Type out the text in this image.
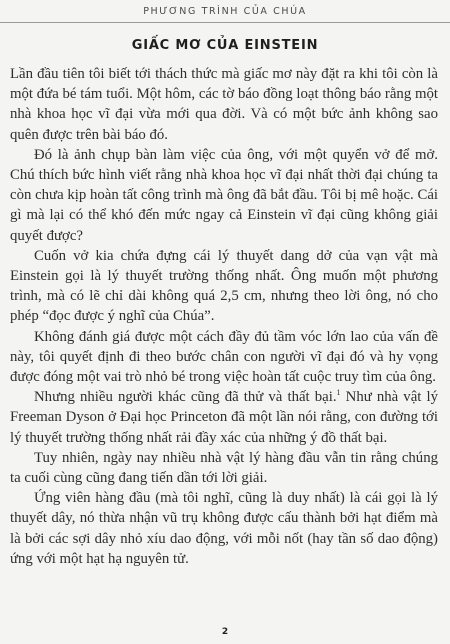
PHƯƠNG TRÌNH CỦA CHÚA
GIẤC MƠ CỦA EINSTEIN

Lần đầu tiên tôi biết tới thách thức mà giấc mơ này đặt ra khi tôi còn là một đứa bé tám tuổi. Một hôm, các tờ báo đồng loạt thông báo rằng một nhà khoa học vĩ đại vừa mới qua đời. Và có một bức ảnh không sao quên được trên bài báo đó.

Đó là ảnh chụp bàn làm việc của ông, với một quyển vở để mở. Chú thích bức hình viết rằng nhà khoa học vĩ đại nhất thời đại chúng ta còn chưa kịp hoàn tất công trình mà ông đã bắt đầu. Tôi bị mê hoặc. Cái gì mà lại có thể khó đến mức ngay cả Einstein vĩ đại cũng không giải quyết được?

Cuốn vở kia chứa đựng cái lý thuyết dang dở của vạn vật mà Einstein gọi là lý thuyết trường thống nhất. Ông muốn một phương trình, mà có lẽ chỉ dài không quá 2,5 cm, nhưng theo lời ông, nó cho phép “đọc được ý nghĩ của Chúa”.

Không đánh giá được một cách đầy đủ tầm vóc lớn lao của vấn đề này, tôi quyết định đi theo bước chân con người vĩ đại đó và hy vọng được đóng một vai trò nhỏ bé trong việc hoàn tất cuộc truy tìm của ông.

Nhưng nhiều người khác cũng đã thử và thất bại.$^1$ Như nhà vật lý Freeman Dyson ở Đại học Princeton đã một lần nói rằng, con đường tới lý thuyết trường thống nhất rải đầy xác của những ý đồ thất bại.

Tuy nhiên, ngày nay nhiều nhà vật lý hàng đầu vẫn tin rằng chúng ta cuối cùng cũng đang tiến dần tới lời giải.

Ứng viên hàng đầu (mà tôi nghĩ, cũng là duy nhất) là cái gọi là lý thuyết dây, nó thừa nhận vũ trụ không được cấu thành bởi hạt điểm mà là bởi các sợi dây nhỏ xíu dao động, với mỗi nốt (hay tần số dao động) ứng với một hạt hạ nguyên tử.

2
